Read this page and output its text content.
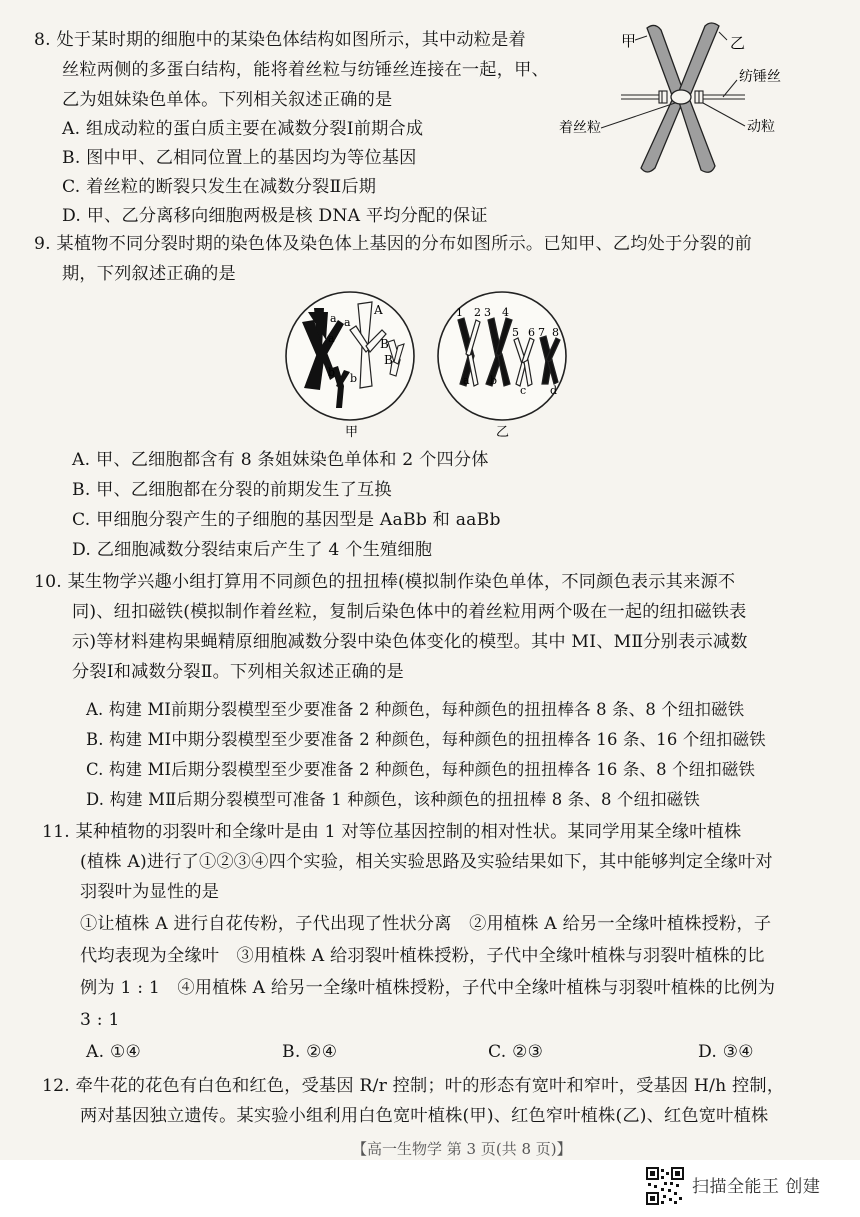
8. 处于某时期的细胞中的某染色体结构如图所示，其中动粒是着
丝粒两侧的多蛋白结构，能将着丝粒与纺锤丝连接在一起，甲、
乙为姐妹染色单体。下列相关叙述正确的是
A. 组成动粒的蛋白质主要在减数分裂Ⅰ前期合成
B. 图中甲、乙相同位置上的基因均为等位基因
C. 着丝粒的断裂只发生在减数分裂Ⅱ后期
D. 甲、乙分离移向细胞两极是核 DNA 平均分配的保证
甲	乙
纺锤丝
着丝粒	动粒
9. 某植物不同分裂时期的染色体及染色体上基因的分布如图所示。已知甲、乙均处于分裂的前
期，下列叙述正确的是
a
A
a
a	B
B
b b
甲
1 2 3 4
5 6 7 8
a b
c d
乙
A. 甲、乙细胞都含有 8 条姐妹染色单体和 2 个四分体
B. 甲、乙细胞都在分裂的前期发生了互换
C. 甲细胞分裂产生的子细胞的基因型是 AaBb 和 aaBb
D. 乙细胞减数分裂结束后产生了 4 个生殖细胞
10. 某生物学兴趣小组打算用不同颜色的扭扭棒(模拟制作染色单体，不同颜色表示其来源不
同)、纽扣磁铁(模拟制作着丝粒，复制后染色体中的着丝粒用两个吸在一起的纽扣磁铁表
示)等材料建构果蝇精原细胞减数分裂中染色体变化的模型。其中 MⅠ、MⅡ分别表示减数
分裂Ⅰ和减数分裂Ⅱ。下列相关叙述正确的是
A. 构建 MⅠ前期分裂模型至少要准备 2 种颜色，每种颜色的扭扭棒各 8 条、8 个纽扣磁铁
B. 构建 MⅠ中期分裂模型至少要准备 2 种颜色，每种颜色的扭扭棒各 16 条、16 个纽扣磁铁
C. 构建 MⅠ后期分裂模型至少要准备 2 种颜色，每种颜色的扭扭棒各 16 条、8 个纽扣磁铁
D. 构建 MⅡ后期分裂模型可准备 1 种颜色，该种颜色的扭扭棒 8 条、8 个纽扣磁铁
11. 某种植物的羽裂叶和全缘叶是由 1 对等位基因控制的相对性状。某同学用某全缘叶植株
(植株 A)进行了①②③④四个实验，相关实验思路及实验结果如下，其中能够判定全缘叶对
羽裂叶为显性的是
①让植株 A 进行自花传粉，子代出现了性状分离　②用植株 A 给另一全缘叶植株授粉，子
代均表现为全缘叶　③用植株 A 给羽裂叶植株授粉，子代中全缘叶植株与羽裂叶植株的比
例为 1 : 1　④用植株 A 给另一全缘叶植株授粉，子代中全缘叶植株与羽裂叶植株的比例为
3 : 1
A. ①④	B. ②④	C. ②③	D. ③④
12. 牵牛花的花色有白色和红色，受基因 R/r 控制；叶的形态有宽叶和窄叶，受基因 H/h 控制，
两对基因独立遗传。某实验小组利用白色宽叶植株(甲)、红色窄叶植株(乙)、红色宽叶植株
【高一生物学 第 3 页(共 8 页)】
扫描全能王 创建
